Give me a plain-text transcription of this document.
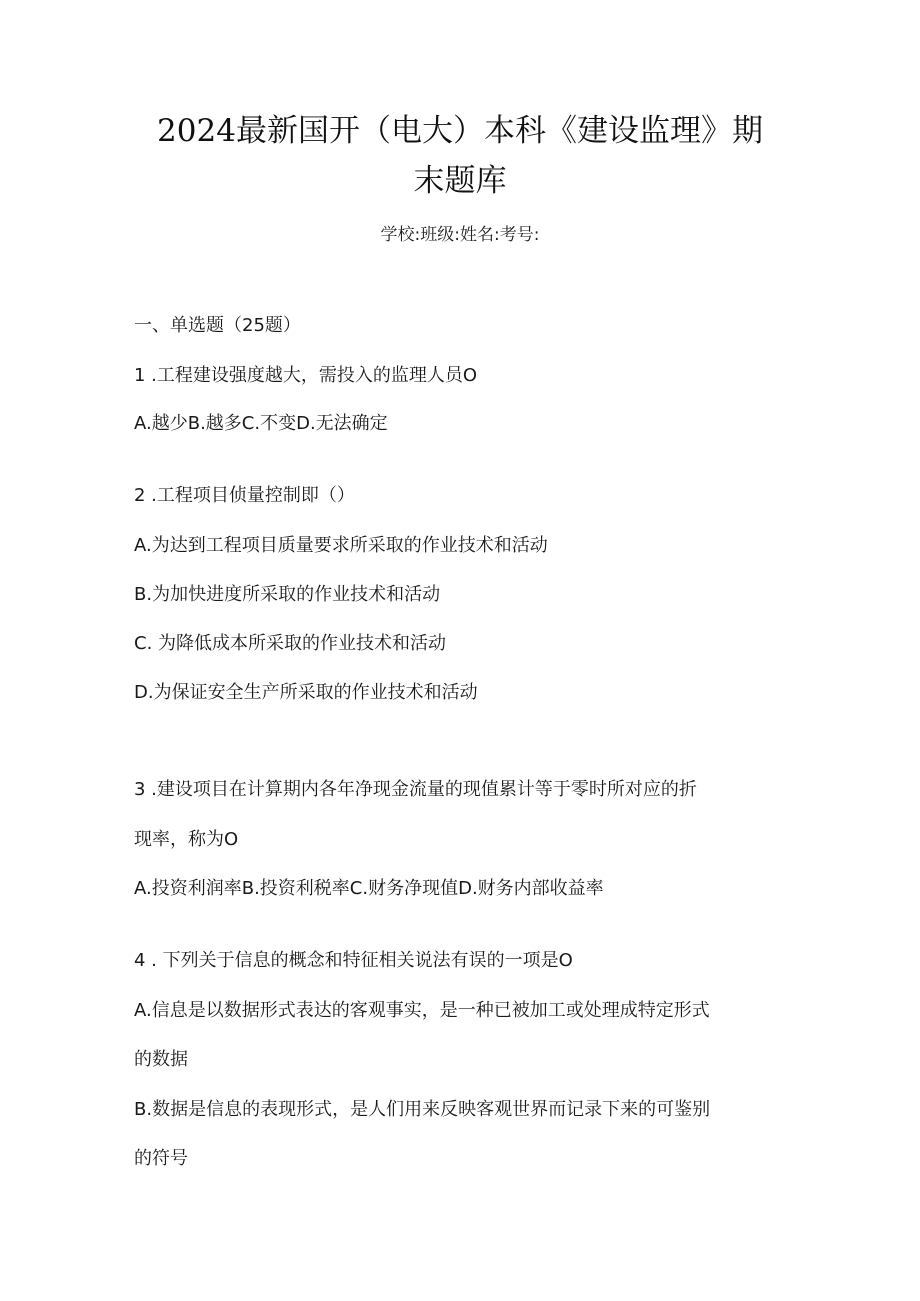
2024最新国开（电大）本科《建设监理》期
末题库
学校:班级:姓名:考号:
一、单选题（25题）
1 .工程建设强度越大，需投入的监理人员O
A.越少B.越多C.不变D.无法确定
2 .工程项目侦量控制即（）
A.为达到工程项目质量要求所采取的作业技术和活动
B.为加快进度所采取的作业技术和活动
C. 为降低成本所采取的作业技术和活动
D.为保证安全生产所采取的作业技术和活动
3 .建设项目在计算期内各年净现金流量的现值累计等于零时所对应的折
现率，称为O
A.投资利润率B.投资利税率C.财务净现值D.财务内部收益率
4 . 下列关于信息的概念和特征相关说法有误的一项是O
A.信息是以数据形式表达的客观事实，是一种已被加工或处理成特定形式
的数据
B.数据是信息的表现形式，是人们用来反映客观世界而记录下来的可鉴别
的符号
